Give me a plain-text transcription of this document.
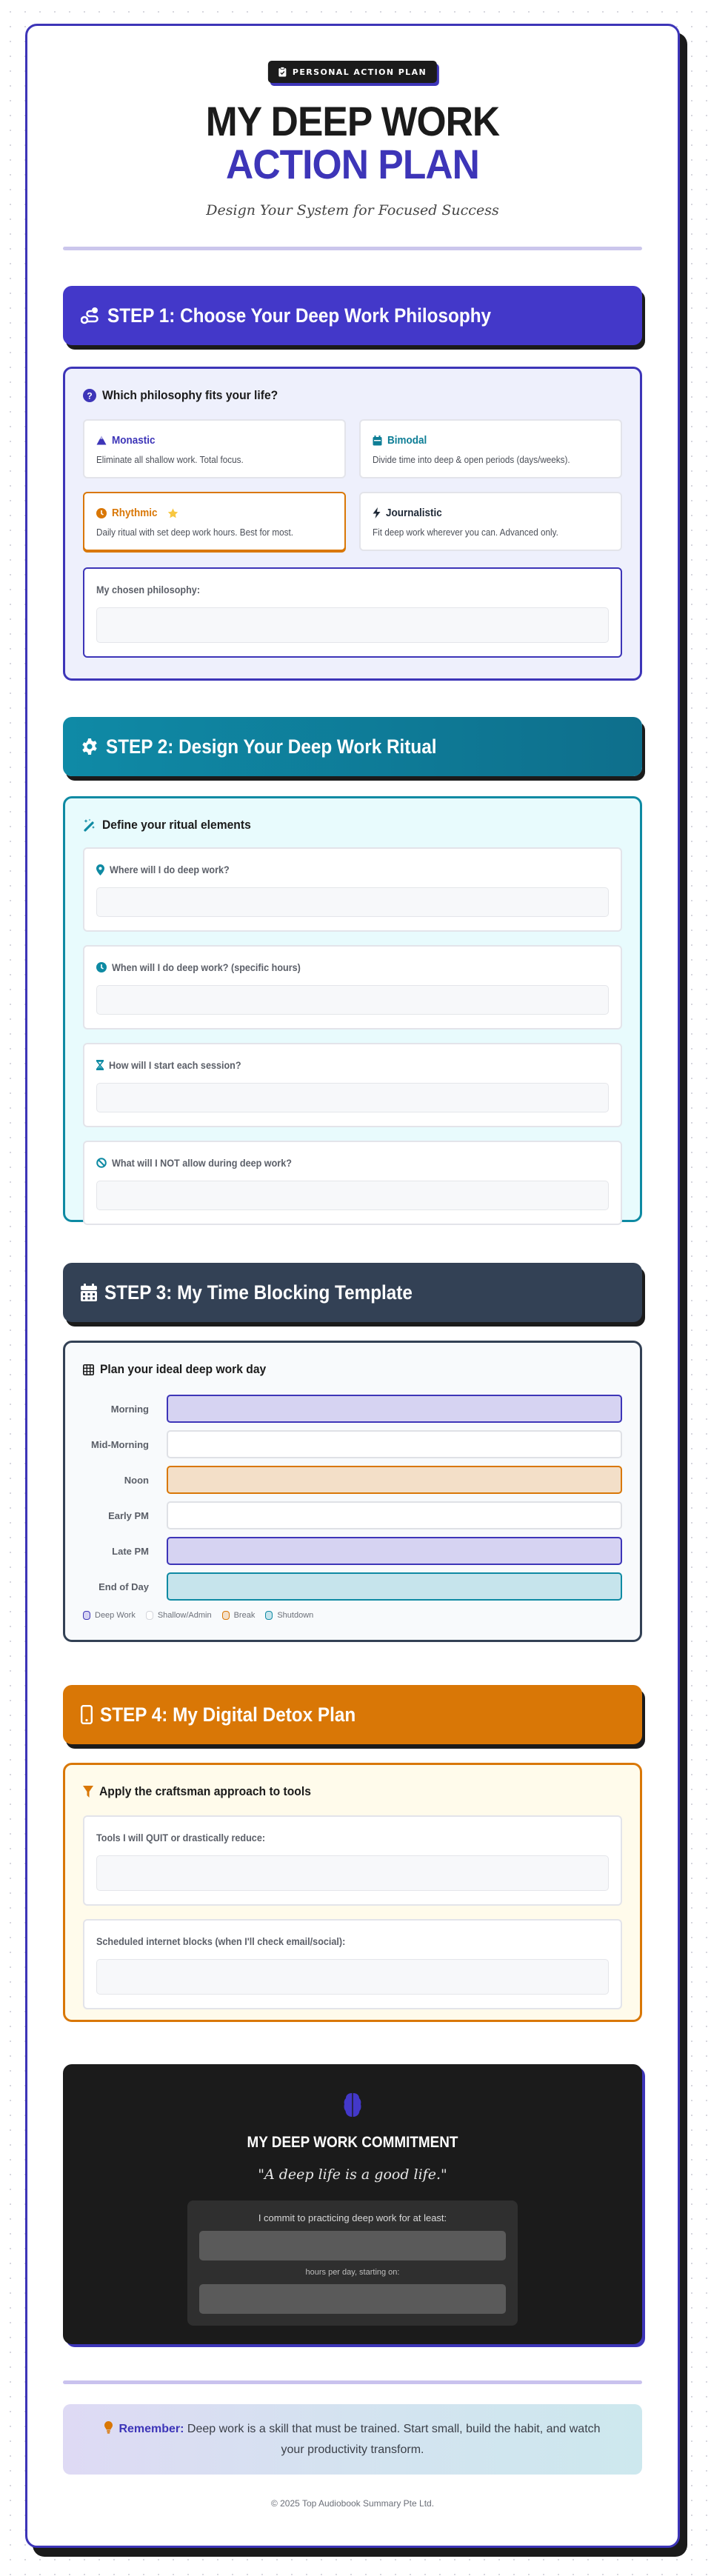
PERSONAL ACTION PLAN
MY DEEP WORK
ACTION PLAN
Design Your System for Focused Success
STEP 1: Choose Your Deep Work Philosophy
? Which philosophy fits your life?
Monastic
Eliminate all shallow work. Total focus.
Bimodal
Divide time into deep & open periods (days/weeks).
Rhythmic
Daily ritual with set deep work hours. Best for most.
Journalistic
Fit deep work wherever you can. Advanced only.
My chosen philosophy:
STEP 2: Design Your Deep Work Ritual
Define your ritual elements
Where will I do deep work?
When will I do deep work? (specific hours)
How will I start each session?
What will I NOT allow during deep work?
STEP 3: My Time Blocking Template
Plan your ideal deep work day
Morning
Mid-Morning
Noon
Early PM
Late PM
End of Day
Deep Work	Shallow/Admin	Break	Shutdown
STEP 4: My Digital Detox Plan
Apply the craftsman approach to tools
Tools I will QUIT or drastically reduce:
Scheduled internet blocks (when I'll check email/social):
MY DEEP WORK COMMITMENT
"A deep life is a good life."
I commit to practicing deep work for at least:
hours per day, starting on:
Remember: Deep work is a skill that must be trained. Start small, build the habit, and watch your productivity transform.
© 2025 Top Audiobook Summary Pte Ltd.
